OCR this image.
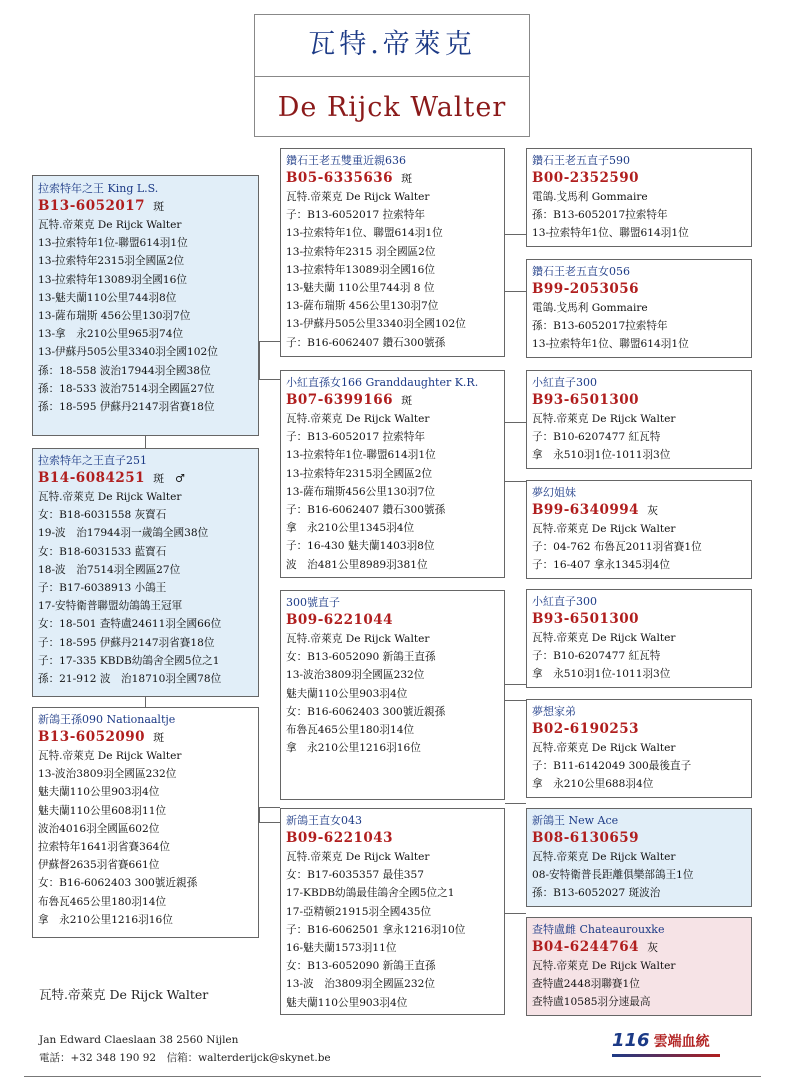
瓦特.帝萊克
De Rijck Walter
拉索特年之王 King L.S.
B13-6052017 斑
瓦特.帝萊克 De Rijck Walter
13-拉索特年1位-聯盟614羽1位
13-拉索特年2315羽全國區2位
13-拉索特年13089羽全國16位
13-魅夫蘭110公里744羽8位
13-薩布瑞斯 456公里130羽7位
13-拿　永210公里965羽74位
13-伊蘇丹505公里3340羽全國102位
孫：18-558 波治17944羽全國38位
孫：18-533 波治7514羽全國區27位
孫：18-595 伊蘇丹2147羽省賽18位
拉索特年之王直子251
B14-6084251 斑　♂
瓦特.帝萊克 De Rijck Walter
女：B18-6031558 灰寶石
19-波　治17944羽一歲鴿全國38位
女：B18-6031533 藍寶石
18-波　治7514羽全國區27位
子：B17-6038913 小鴿王
17-安特衛普聯盟幼鴿鴿王冠軍
女：18-501 查特盧24611羽全國66位
子：18-595 伊蘇丹2147羽省賽18位
子：17-335 KBDB幼鴿舍全國5位之1
孫：21-912 波　治18710羽全國78位
新鴿王孫090 Nationaaltje
B13-6052090 斑
瓦特.帝萊克 De Rijck Walter
13-波治3809羽全國區232位
魅夫蘭110公里903羽4位
魅夫蘭110公里608羽11位
波治4016羽全國區602位
拉索特年1641羽省賽364位
伊蘇督2635羽省賽661位
女：B16-6062403 300號近親孫
布魯瓦465公里180羽14位
拿　永210公里1216羽16位
鑽石王老五雙重近親636
B05-6335636 斑
瓦特.帝萊克 De Rijck Walter
子：B13-6052017 拉索特年
13-拉索特年1位、聯盟614羽1位
13-拉索特年2315 羽全國區2位
13-拉索特年13089羽全國16位
13-魅夫蘭 110公里744羽 8 位
13-薩布瑞斯 456公里130羽7位
13-伊蘇丹505公里3340羽全國102位
子：B16-6062407 鑽石300號孫
小紅直孫女166 Granddaughter K.R.
B07-6399166 斑
瓦特.帝萊克 De Rijck Walter
子：B13-6052017 拉索特年
13-拉索特年1位-聯盟614羽1位
13-拉索特年2315羽全國區2位
13-薩布瑞斯456公里130羽7位
子：B16-6062407 鑽石300號孫
拿　永210公里1345羽4位
子：16-430 魅夫蘭1403羽8位
波　治481公里8989羽381位
300號直子
B09-6221044
瓦特.帝萊克 De Rijck Walter
女：B13-6052090 新鴿王直孫
13-波治3809羽全國區232位
魅夫蘭110公里903羽4位
女：B16-6062403 300號近親孫
布魯瓦465公里180羽14位
拿　永210公里1216羽16位
新鴿王直女043
B09-6221043
瓦特.帝萊克 De Rijck Walter
女：B17-6035357 最佳357
17-KBDB幼鴿最佳鴿舍全國5位之1
17-亞精頓21915羽全國435位
子：B16-6062501 拿永1216羽10位
16-魅夫蘭1573羽11位
女：B13-6052090 新鴿王直孫
13-波　治3809羽全國區232位
魅夫蘭110公里903羽4位
鑽石王老五直子590
B00-2352590
電鴿.戈馬利 Gommaire
孫：B13-6052017拉索特年
13-拉索特年1位、聯盟614羽1位
鑽石王老五直女056
B99-2053056
電鴿.戈馬利 Gommaire
孫：B13-6052017拉索特年
13-拉索特年1位、聯盟614羽1位
小紅直子300
B93-6501300
瓦特.帝萊克 De Rijck Walter
子：B10-6207477 紅瓦特
拿　永510羽1位-1011羽3位
夢幻姐妹
B99-6340994 灰
瓦特.帝萊克 De Rijck Walter
子：04-762 布魯瓦2011羽省賽1位
子：16-407 拿永1345羽4位
小紅直子300
B93-6501300
瓦特.帝萊克 De Rijck Walter
子：B10-6207477 紅瓦特
拿　永510羽1位-1011羽3位
夢想家弟
B02-6190253
瓦特.帝萊克 De Rijck Walter
子：B11-6142049 300最後直子
拿　永210公里688羽4位
新鴿王 New Ace
B08-6130659
瓦特.帝萊克 De Rijck Walter
08-安特衛普長距離俱樂部鴿王1位
孫：B13-6052027 斑波治
查特盧雌 Chateaurouxke
B04-6244764 灰
瓦特.帝萊克 De Rijck Walter
查特盧2448羽聯賽1位
查特盧10585羽分速最高
瓦特.帝萊克 De Rijck Walter
Jan Edward Claeslaan 38 2560 Nijlen
電話：+32 348 190 92　信箱：walterderijck@skynet.be
116 雲端血統
